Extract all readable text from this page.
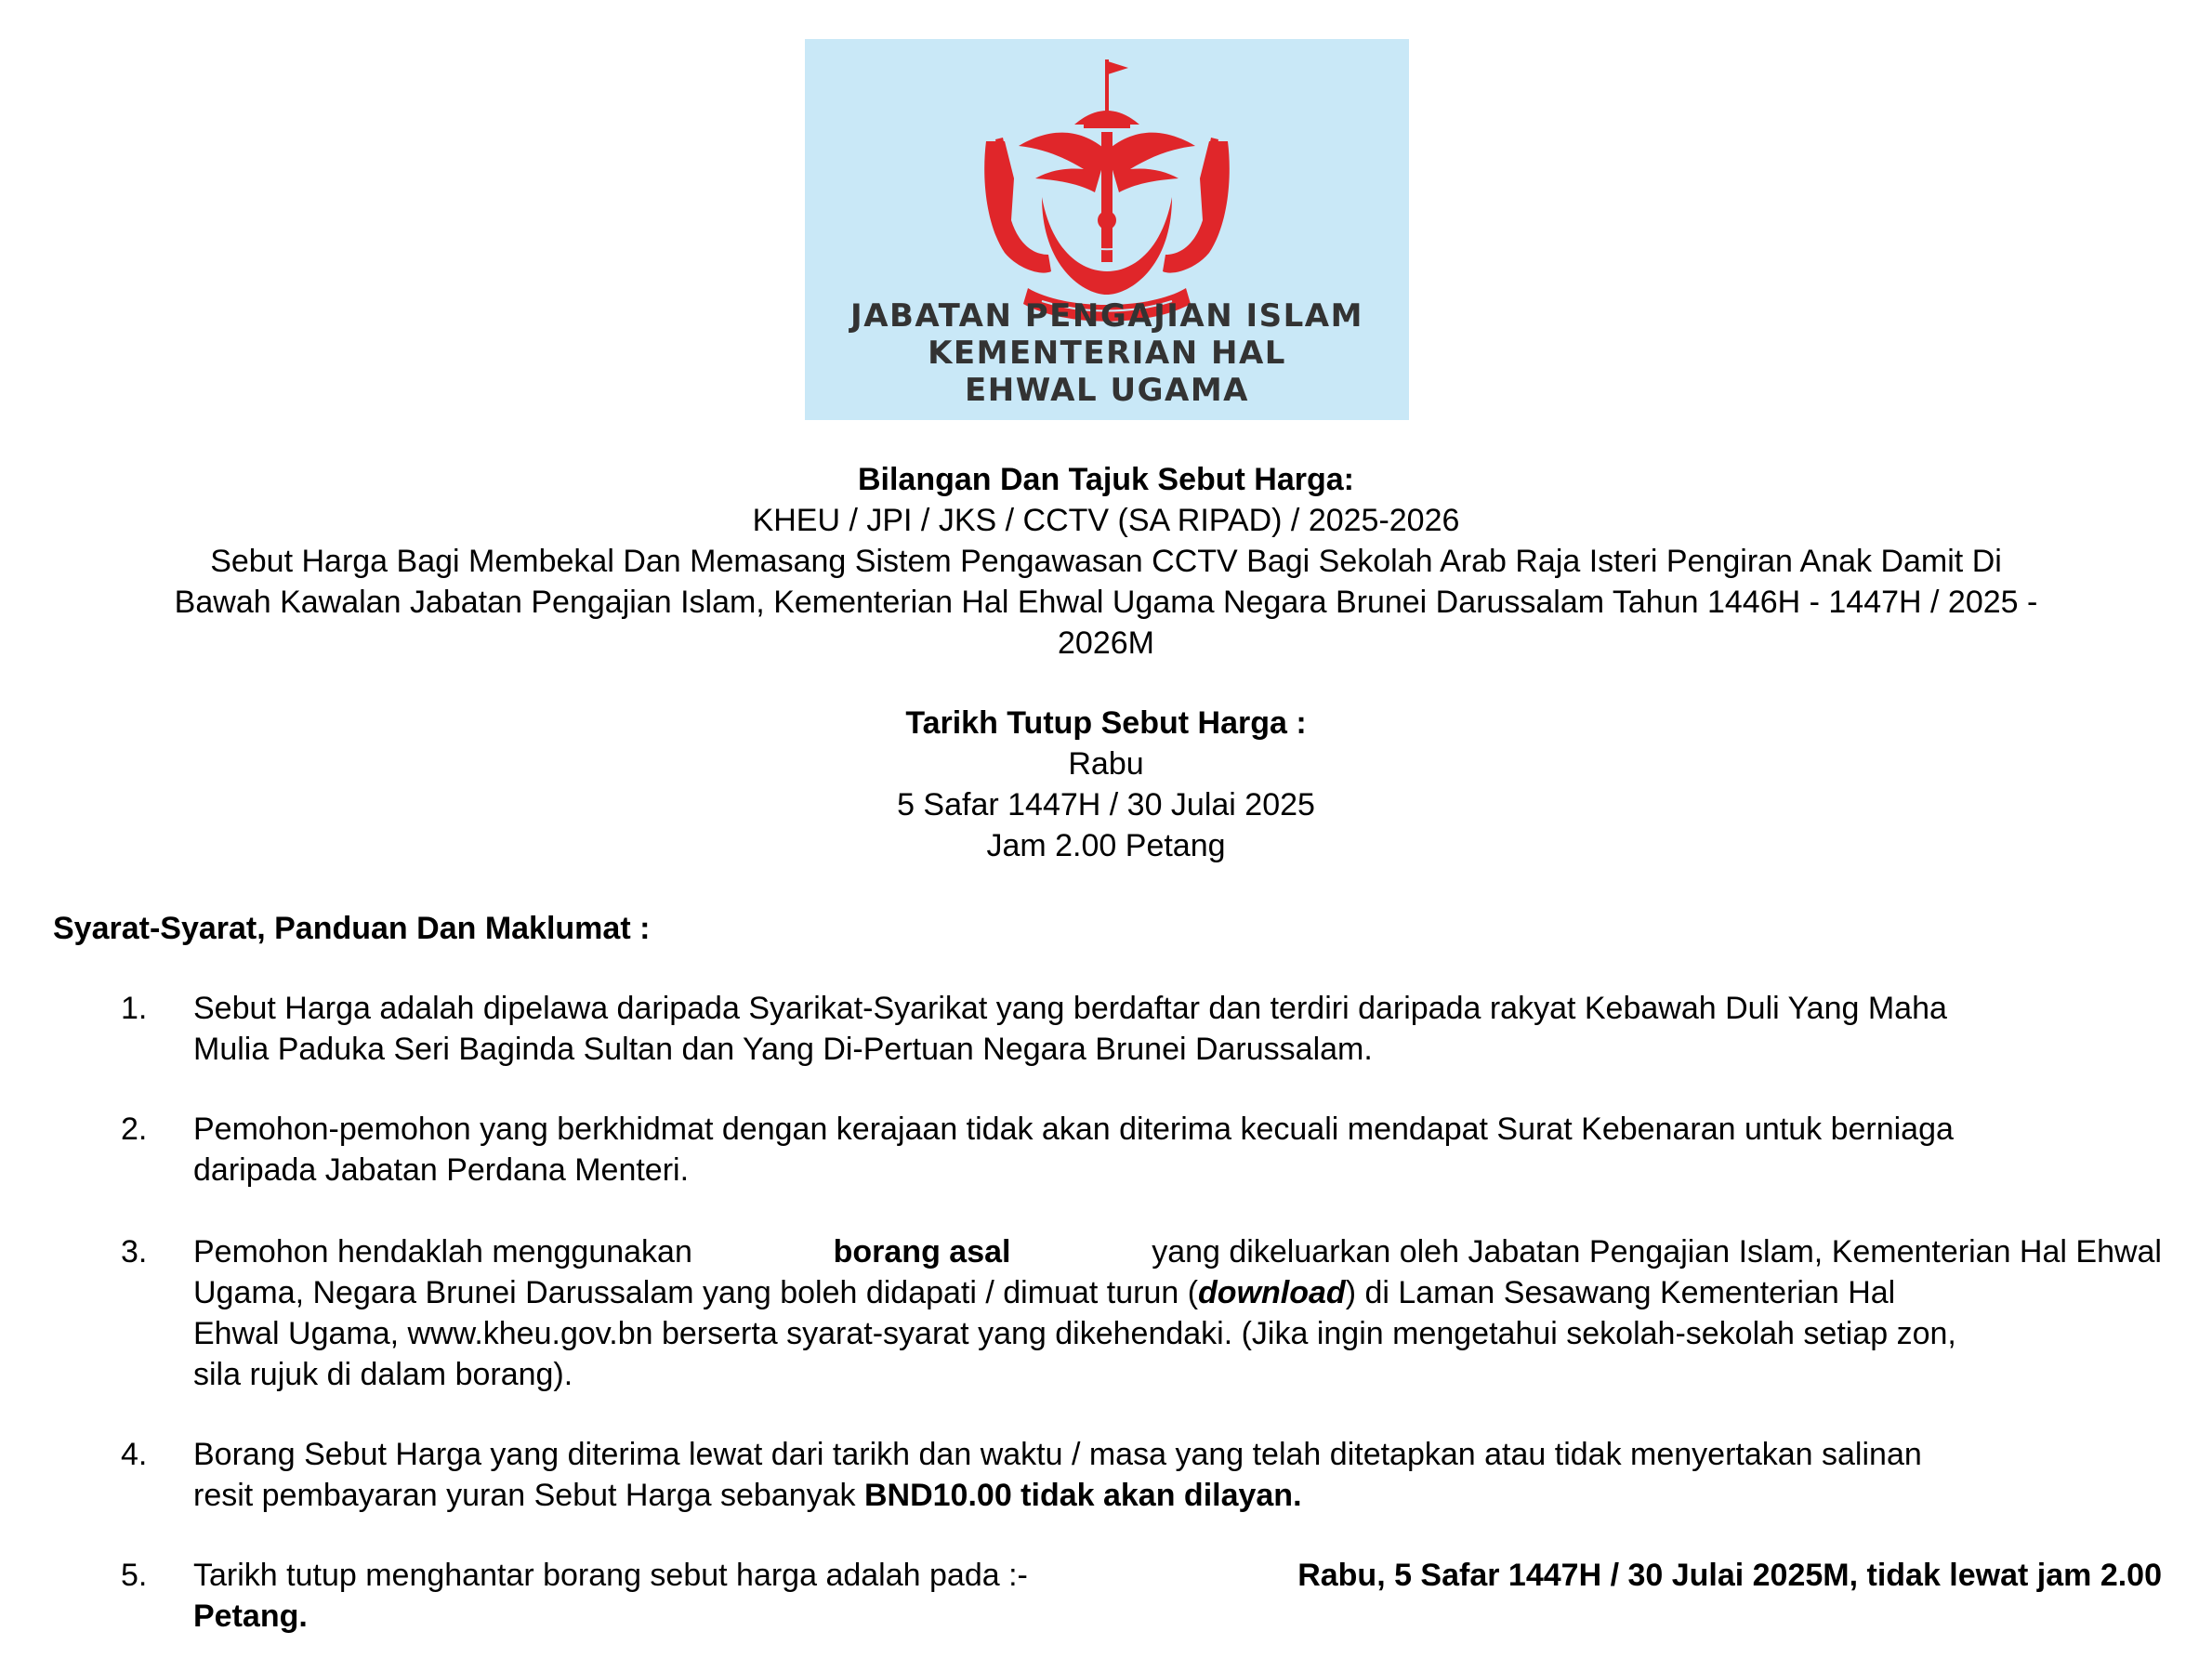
JABATAN PENGAJIAN ISLAM
KEMENTERIAN HAL
EHWAL UGAMA
Bilangan Dan Tajuk Sebut Harga:
KHEU / JPI / JKS / CCTV (SA RIPAD) / 2025-2026
Sebut Harga Bagi Membekal Dan Memasang Sistem Pengawasan CCTV Bagi Sekolah Arab Raja Isteri Pengiran Anak Damit Di
Bawah Kawalan Jabatan Pengajian Islam, Kementerian Hal Ehwal Ugama Negara Brunei Darussalam Tahun 1446H - 1447H / 2025 -
2026M
Tarikh Tutup Sebut Harga :
Rabu
5 Safar 1447H / 30 Julai 2025
Jam 2.00 Petang
Syarat-Syarat, Panduan Dan Maklumat :
1. Sebut Harga adalah dipelawa daripada Syarikat-Syarikat yang berdaftar dan terdiri daripada rakyat Kebawah Duli Yang Maha
Mulia Paduka Seri Baginda Sultan dan Yang Di-Pertuan Negara Brunei Darussalam.
2. Pemohon-pemohon yang berkhidmat dengan kerajaan tidak akan diterima kecuali mendapat Surat Kebenaran untuk berniaga
daripada Jabatan Perdana Menteri.
3. Pemohon hendaklah menggunakan	borang asal	yang dikeluarkan oleh Jabatan Pengajian Islam, Kementerian Hal Ehwal
Ugama, Negara Brunei Darussalam yang boleh didapati / dimuat turun (download) di Laman Sesawang Kementerian Hal
Ehwal Ugama, www.kheu.gov.bn berserta syarat-syarat yang dikehendaki. (Jika ingin mengetahui sekolah-sekolah setiap zon,
sila rujuk di dalam borang).
4. Borang Sebut Harga yang diterima lewat dari tarikh dan waktu / masa yang telah ditetapkan atau tidak menyertakan salinan
resit pembayaran yuran Sebut Harga sebanyak BND10.00 tidak akan dilayan.
5. Tarikh tutup menghantar borang sebut harga adalah pada :-	Rabu, 5 Safar 1447H / 30 Julai 2025M, tidak lewat jam 2.00
Petang.
